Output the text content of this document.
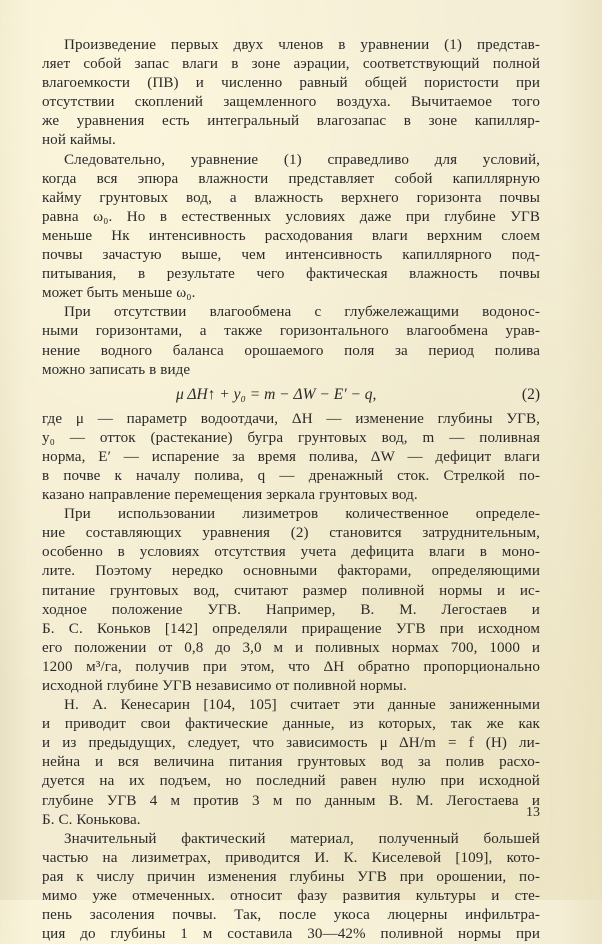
Произведение первых двух членов в уравнении (1) представ-
ляет собой запас влаги в зоне аэрации, соответствующий полной
влагоемкости (ПВ) и численно равный общей пористости при
отсутствии скоплений защемленного воздуха. Вычитаемое того
же уравнения есть интегральный влагозапас в зоне капилляр-
ной каймы.
Следовательно, уравнение (1) справедливо для условий,
когда вся эпюра влажности представляет собой капиллярную
кайму грунтовых вод, а влажность верхнего горизонта почвы
равна ω₀. Но в естественных условиях даже при глубине УГВ
меньше Hк интенсивность расходования влаги верхним слоем
почвы зачастую выше, чем интенсивность капиллярного под-
питывания, в результате чего фактическая влажность почвы
может быть меньше ω₀.
При отсутствии влагообмена с глубжележащими водонос-
ными горизонтами, а также горизонтального влагообмена урав-
нение водного баланса орошаемого поля за период полива
можно записать в виде
μ ΔH↑ + y₀ = m − ΔW − E′ − q,	(2)
где μ — параметр водоотдачи, ΔH — изменение глубины УГВ,
y₀ — отток (растекание) бугра грунтовых вод, m — поливная
норма, E′ — испарение за время полива, ΔW — дефицит влаги
в почве к началу полива, q — дренажный сток. Стрелкой по-
казано направление перемещения зеркала грунтовых вод.
При использовании лизиметров количественное определе-
ние составляющих уравнения (2) становится затруднительным,
особенно в условиях отсутствия учета дефицита влаги в моно-
лите. Поэтому нередко основными факторами, определяющими
питание грунтовых вод, считают размер поливной нормы и ис-
ходное положение УГВ. Например, В. М. Легостаев и
Б. С. Коньков [142] определяли приращение УГВ при исходном
его положении от 0,8 до 3,0 м и поливных нормах 700, 1000 и
1200 м³/га, получив при этом, что ΔH обратно пропорционально
исходной глубине УГВ независимо от поливной нормы.
Н. А. Кенесарин [104, 105] считает эти данные заниженными
и приводит свои фактические данные, из которых, так же как
и из предыдущих, следует, что зависимость μ ΔH/m = f (H) ли-
нейна и вся величина питания грунтовых вод за полив расхо-
дуется на их подъем, но последний равен нулю при исходной
глубине УГВ 4 м против 3 м по данным В. М. Легостаева и
Б. С. Конькова.
Значительный фактический материал, полученный большей
частью на лизиметрах, приводится И. К. Киселевой [109], кото-
рая к числу причин изменения глубины УГВ при орошении, по-
мимо уже отмеченных. относит фазу развития культуры и сте-
пень засоления почвы. Так, после укоса люцерны инфильтра-
ция до глубины 1 м составила 30—42% поливной нормы при
13
